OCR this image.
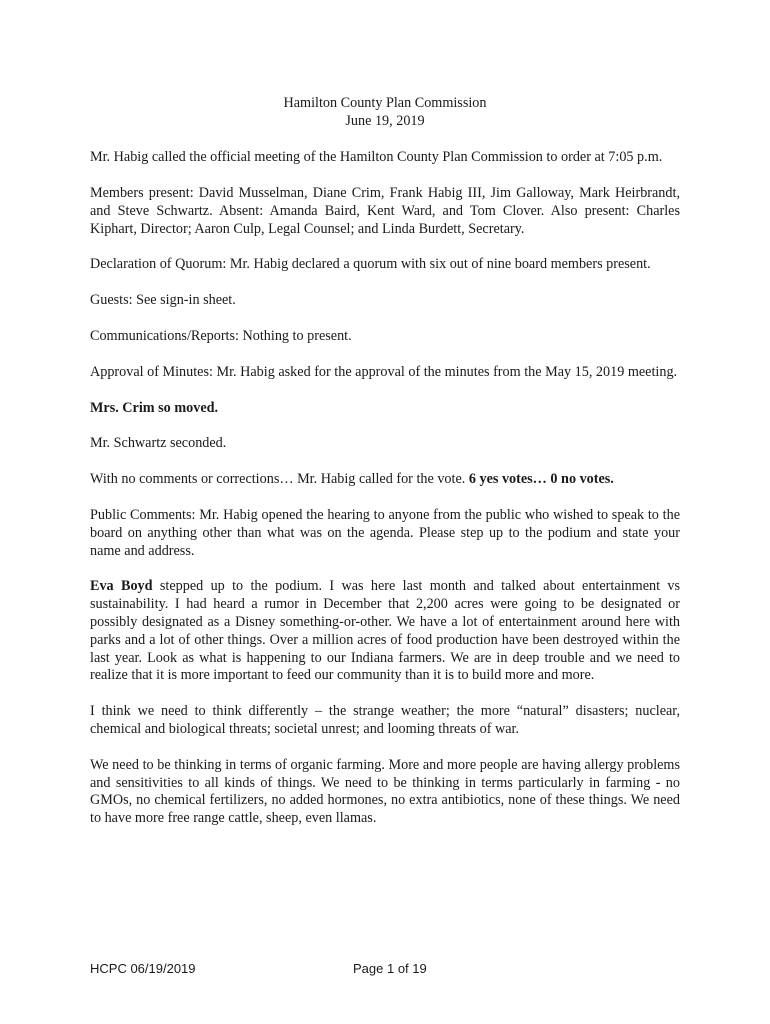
Hamilton County Plan Commission
June 19, 2019

Mr. Habig called the official meeting of the Hamilton County Plan Commission to order at 7:05 p.m.

Members present: David Musselman, Diane Crim, Frank Habig III, Jim Galloway, Mark Heirbrandt, and Steve Schwartz. Absent: Amanda Baird, Kent Ward, and Tom Clover. Also present: Charles Kiphart, Director; Aaron Culp, Legal Counsel; and Linda Burdett, Secretary.

Declaration of Quorum: Mr. Habig declared a quorum with six out of nine board members present.

Guests: See sign-in sheet.

Communications/Reports: Nothing to present.

Approval of Minutes: Mr. Habig asked for the approval of the minutes from the May 15, 2019 meeting.

Mrs. Crim so moved.

Mr. Schwartz seconded.

With no comments or corrections… Mr. Habig called for the vote. 6 yes votes… 0 no votes.

Public Comments: Mr. Habig opened the hearing to anyone from the public who wished to speak to the board on anything other than what was on the agenda. Please step up to the podium and state your name and address.

Eva Boyd stepped up to the podium. I was here last month and talked about entertainment vs sustainability. I had heard a rumor in December that 2,200 acres were going to be designated or possibly designated as a Disney something-or-other. We have a lot of entertainment around here with parks and a lot of other things. Over a million acres of food production have been destroyed within the last year. Look as what is happening to our Indiana farmers. We are in deep trouble and we need to realize that it is more important to feed our community than it is to build more and more.

I think we need to think differently – the strange weather; the more “natural” disasters; nuclear, chemical and biological threats; societal unrest; and looming threats of war.

We need to be thinking in terms of organic farming. More and more people are having allergy problems and sensitivities to all kinds of things. We need to be thinking in terms particularly in farming - no GMOs, no chemical fertilizers, no added hormones, no extra antibiotics, none of these things. We need to have more free range cattle, sheep, even llamas.

HCPC 06/19/2019	Page 1 of 19
